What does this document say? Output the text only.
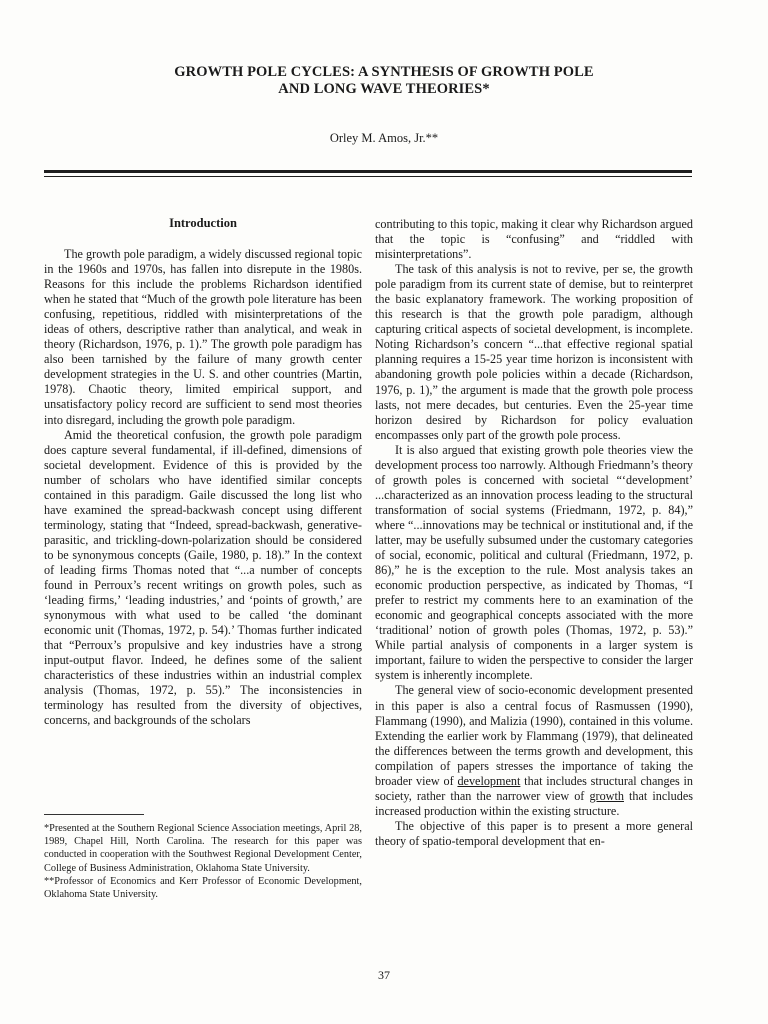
GROWTH POLE CYCLES: A SYNTHESIS OF GROWTH POLE
AND LONG WAVE THEORIES*
Orley M. Amos, Jr.**
Introduction

The growth pole paradigm, a widely discussed regional topic in the 1960s and 1970s, has fallen into disrepute in the 1980s. Reasons for this include the problems Richardson identified when he stated that “Much of the growth pole literature has been confusing, repetitious, riddled with misinterpretations of the ideas of others, descriptive rather than analytical, and weak in theory (Richardson, 1976, p. 1).” The growth pole paradigm has also been tarnished by the failure of many growth center development strategies in the U. S. and other countries (Martin, 1978). Chaotic theory, limited empirical support, and unsatisfactory policy record are sufficient to send most theories into disregard, including the growth pole paradigm.

Amid the theoretical confusion, the growth pole paradigm does capture several fundamental, if ill-defined, dimensions of societal development. Evidence of this is provided by the number of scholars who have identified similar concepts contained in this paradigm. Gaile discussed the long list who have examined the spread-backwash concept using different terminology, stating that “Indeed, spread-backwash, generative-parasitic, and trickling-down-polarization should be considered to be synonymous concepts (Gaile, 1980, p. 18).” In the context of leading firms Thomas noted that “...a number of concepts found in Perroux’s recent writings on growth poles, such as ‘leading firms,’ ‘leading industries,’ and ‘points of growth,’ are synonymous with what used to be called ‘the dominant economic unit (Thomas, 1972, p. 54).’ Thomas further indicated that “Perroux’s propulsive and key industries have a strong input-output flavor. Indeed, he defines some of the salient characteristics of these industries within an industrial complex analysis (Thomas, 1972, p. 55).” The inconsistencies in terminology has resulted from the diversity of objectives, concerns, and backgrounds of the scholars

*Presented at the Southern Regional Science Association meetings, April 28, 1989, Chapel Hill, North Carolina. The research for this paper was conducted in cooperation with the Southwest Regional Development Center, College of Business Administration, Oklahoma State University.

**Professor of Economics and Kerr Professor of Economic Development, Oklahoma State University.

contributing to this topic, making it clear why Richardson argued that the topic is “confusing” and “riddled with misinterpretations”.

The task of this analysis is not to revive, per se, the growth pole paradigm from its current state of demise, but to reinterpret the basic explanatory framework. The working proposition of this research is that the growth pole paradigm, although capturing critical aspects of societal development, is incomplete. Noting Richardson’s concern “...that effective regional spatial planning requires a 15-25 year time horizon is inconsistent with abandoning growth pole policies within a decade (Richardson, 1976, p. 1),” the argument is made that the growth pole process lasts, not mere decades, but centuries. Even the 25-year time horizon desired by Richardson for policy evaluation encompasses only part of the growth pole process.

It is also argued that existing growth pole theories view the development process too narrowly. Although Friedmann’s theory of growth poles is concerned with societal “‘development’ ...characterized as an innovation process leading to the structural transformation of social systems (Friedmann, 1972, p. 84),” where “...innovations may be technical or institutional and, if the latter, may be usefully subsumed under the customary categories of social, economic, political and cultural (Friedmann, 1972, p. 86),” he is the exception to the rule. Most analysis takes an economic production perspective, as indicated by Thomas, “I prefer to restrict my comments here to an examination of the economic and geographical concepts associated with the more ‘traditional’ notion of growth poles (Thomas, 1972, p. 53).” While partial analysis of components in a larger system is important, failure to widen the perspective to consider the larger system is inherently incomplete.

The general view of socio-economic development presented in this paper is also a central focus of Rasmussen (1990), Flammang (1990), and Malizia (1990), contained in this volume. Extending the earlier work by Flammang (1979), that delineated the differences between the terms growth and development, this compilation of papers stresses the importance of taking the broader view of development that includes structural changes in society, rather than the narrower view of growth that includes increased production within the existing structure.

The objective of this paper is to present a more general theory of spatio-temporal development that en-

37
